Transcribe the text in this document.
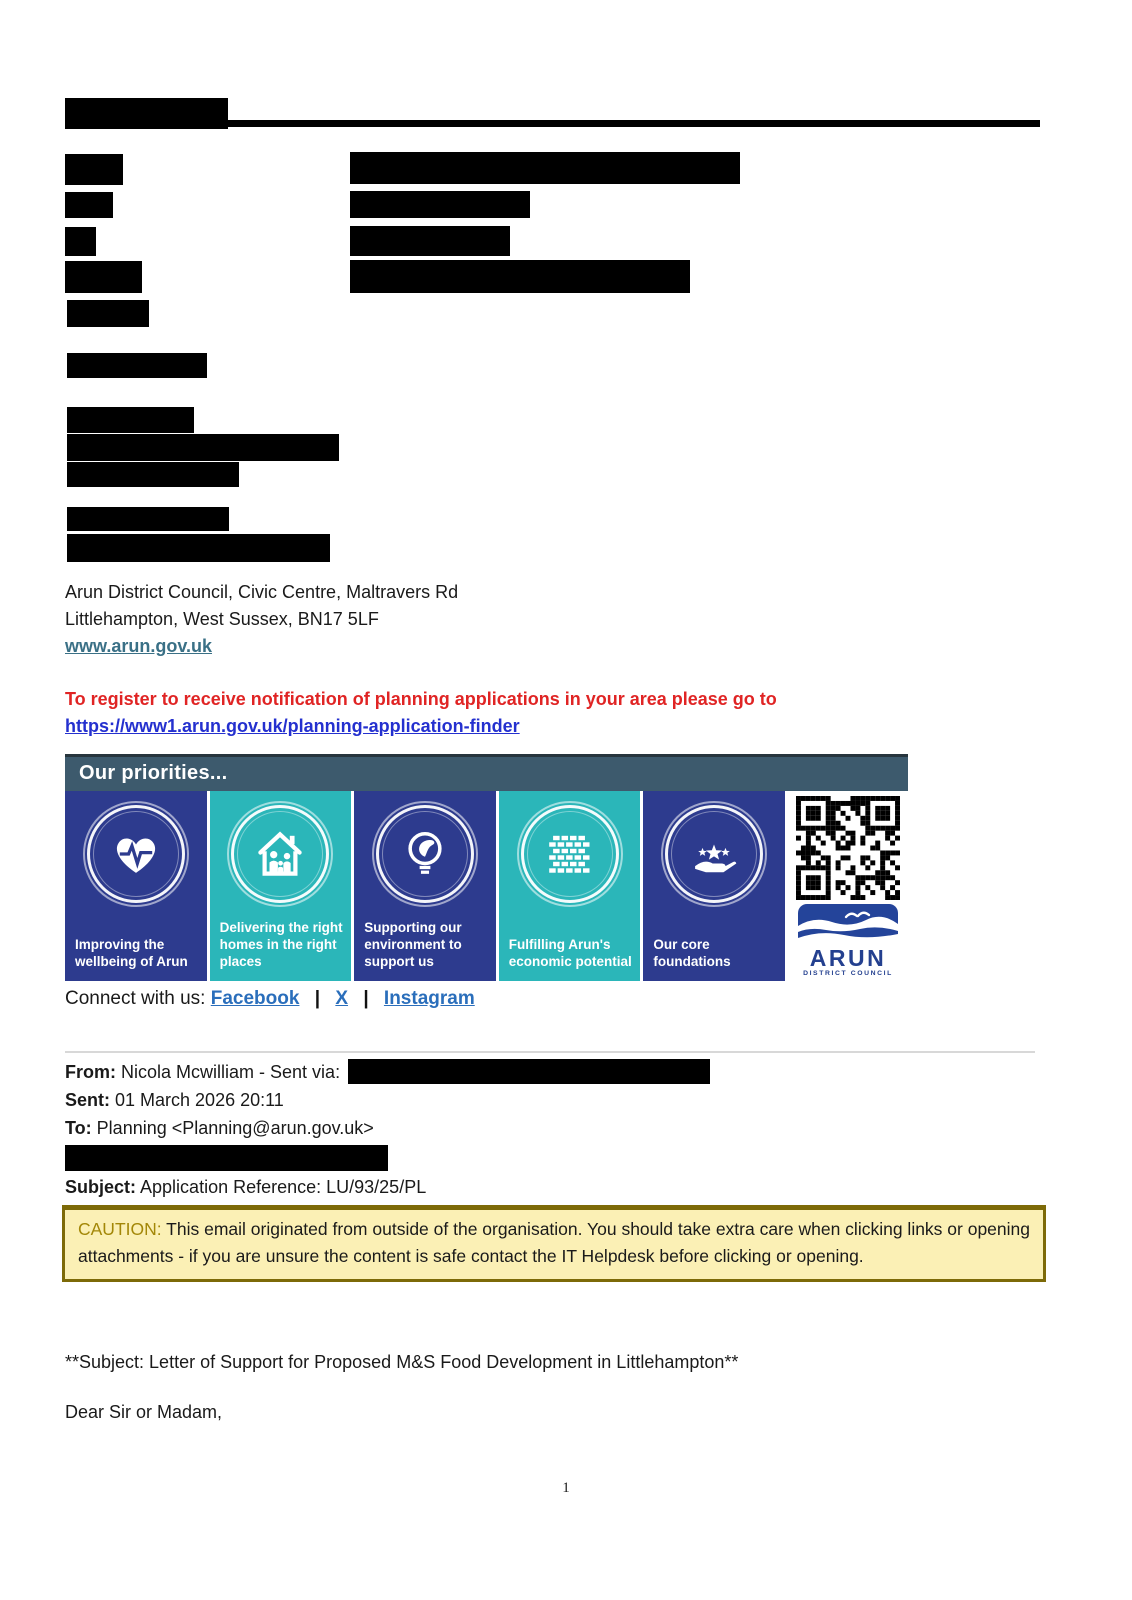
Arun District Council, Civic Centre, Maltravers Rd
Littlehampton, West Sussex, BN17 5LF
www.arun.gov.uk
To register to receive notification of planning applications in your area please go to
https://www1.arun.gov.uk/planning-application-finder
Our priorities...
Improving the wellbeing of Arun
Delivering the right homes in the right places
Supporting our environment to support us
Fulfilling Arun's economic potential
Our core foundations	ARUN
DISTRICT COUNCIL
Connect with us: Facebook | X | Instagram
From: Nicola Mcwilliam - Sent via:
Sent: 01 March 2026 20:11
To: Planning <Planning@arun.gov.uk>
Subject: Application Reference: LU/93/25/PL
CAUTION: This email originated from outside of the organisation. You should take extra care when clicking links or opening attachments - if you are unsure the content is safe contact the IT Helpdesk before clicking or opening.
**Subject: Letter of Support for Proposed M&S Food Development in Littlehampton**
Dear Sir or Madam,
1
